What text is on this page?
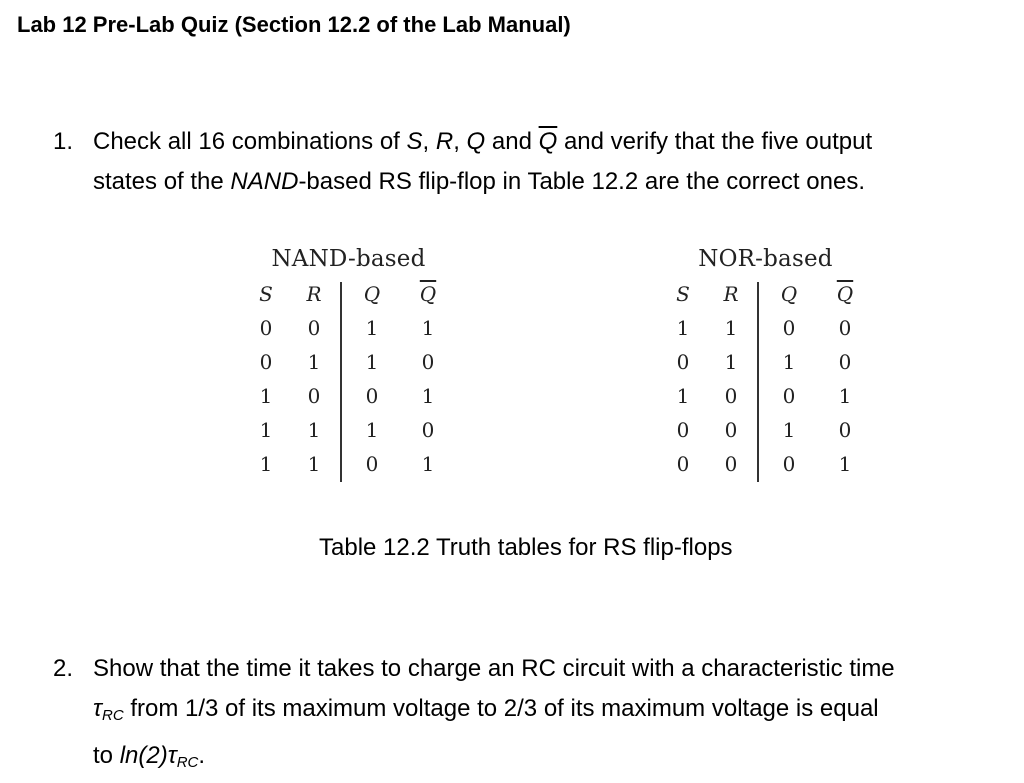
Lab 12 Pre-Lab Quiz (Section 12.2 of the Lab Manual)
1. Check all 16 combinations of S, R, Q and $\overline{Q}$ and verify that the five output
states of the NAND-based RS flip-flop in Table 12.2 are the correct ones.
NAND-based
S	R	Q	$\overline{Q}$
0	0	1	1
0	1	1	0
1	0	0	1
1	1	1	0
1	1	0	1
NOR-based
S	R	Q	$\overline{Q}$
1	1	0	0
0	1	1	0
1	0	0	1
0	0	1	0
0	0	0	1
Table 12.2 Truth tables for RS flip-flops
2. Show that the time it takes to charge an RC circuit with a characteristic time
$\tau_{RC}$ from 1/3 of its maximum voltage to 2/3 of its maximum voltage is equal
to $\ln(2)\tau_{RC}$.
